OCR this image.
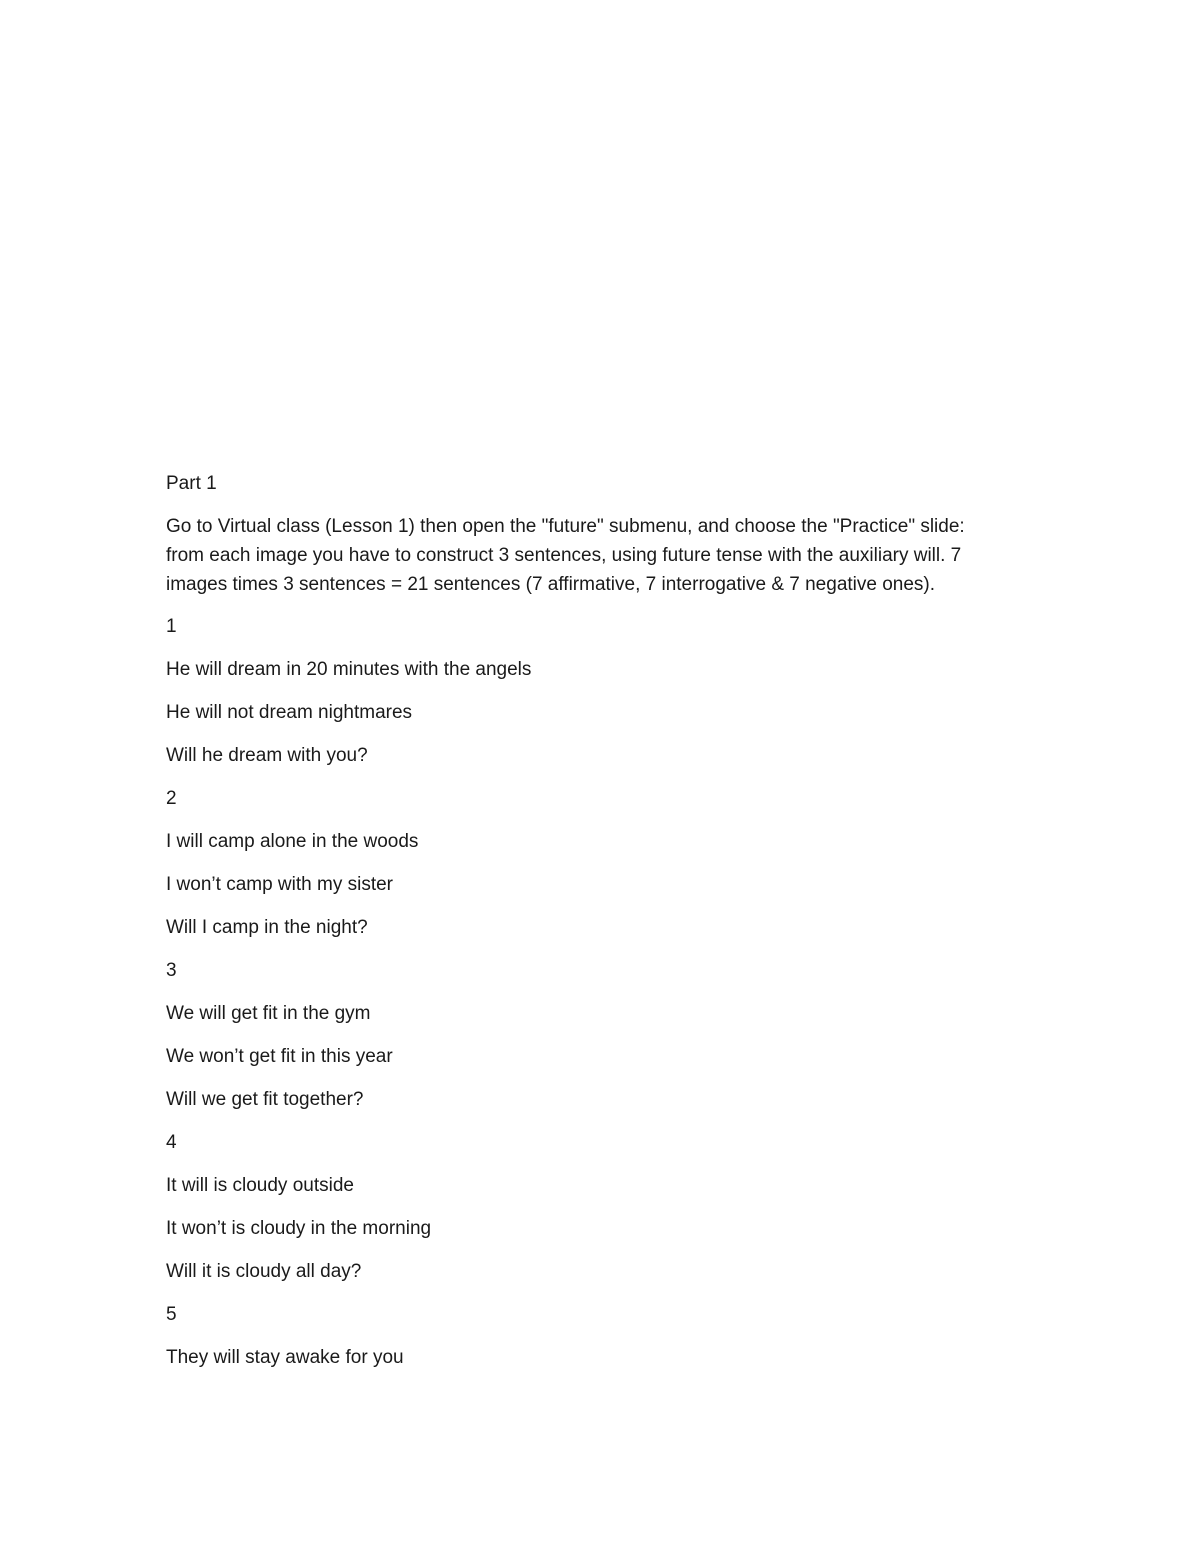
Part 1

Go to Virtual class (Lesson 1) then open the "future" submenu, and choose the "Practice" slide:
from each image you have to construct 3 sentences, using future tense with the auxiliary will. 7
images times 3 sentences = 21 sentences (7 affirmative, 7 interrogative & 7 negative ones).

1

He will dream in 20 minutes with the angels

He will not dream nightmares

Will he dream with you?

2

I will camp alone in the woods

I won’t camp with my sister

Will I camp in the night?

3

We will get fit in the gym

We won’t get fit in this year

Will we get fit together?

4

It will is cloudy outside

It won’t is cloudy in the morning

Will it is cloudy all day?

5

They will stay awake for you
